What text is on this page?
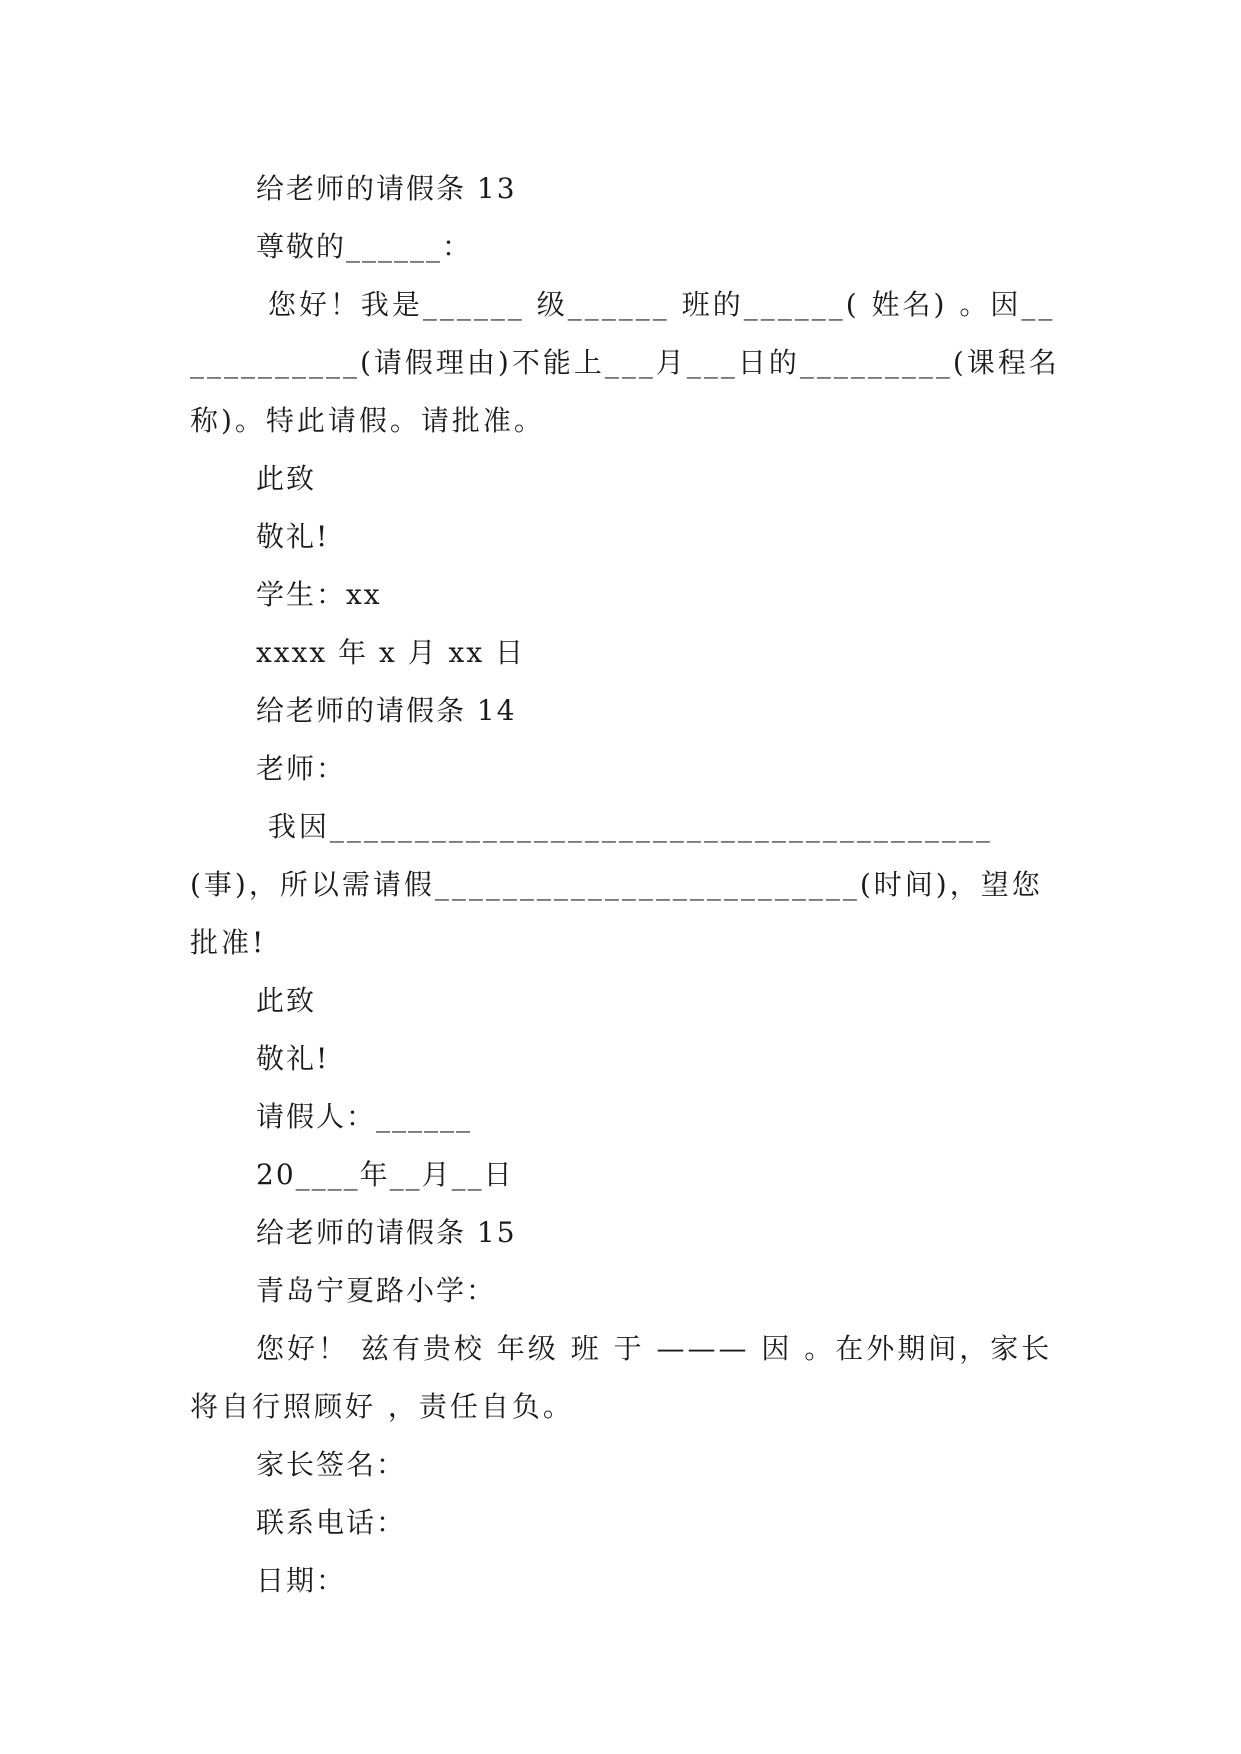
给老师的请假条 13

尊敬的______：

您好！我是______ 级______ 班的______( 姓名) 。因____________(请假理由)不能上___月___日的_________(课程名称)。特此请假。请批准。

此致

敬礼!

学生：xx

xxxx 年 x 月 xx 日

给老师的请假条 14

老师：

我因_______________________________________(事)，所以需请假_________________________(时间)，望您批准!

此致

敬礼!

请假人：______

20____年__月__日

给老师的请假条 15

青岛宁夏路小学：

您好！ 兹有贵校 年级 班 于 ——— 因 。在外期间，家长将自行照顾好 ，责任自负。

家长签名：

联系电话：

日期：
